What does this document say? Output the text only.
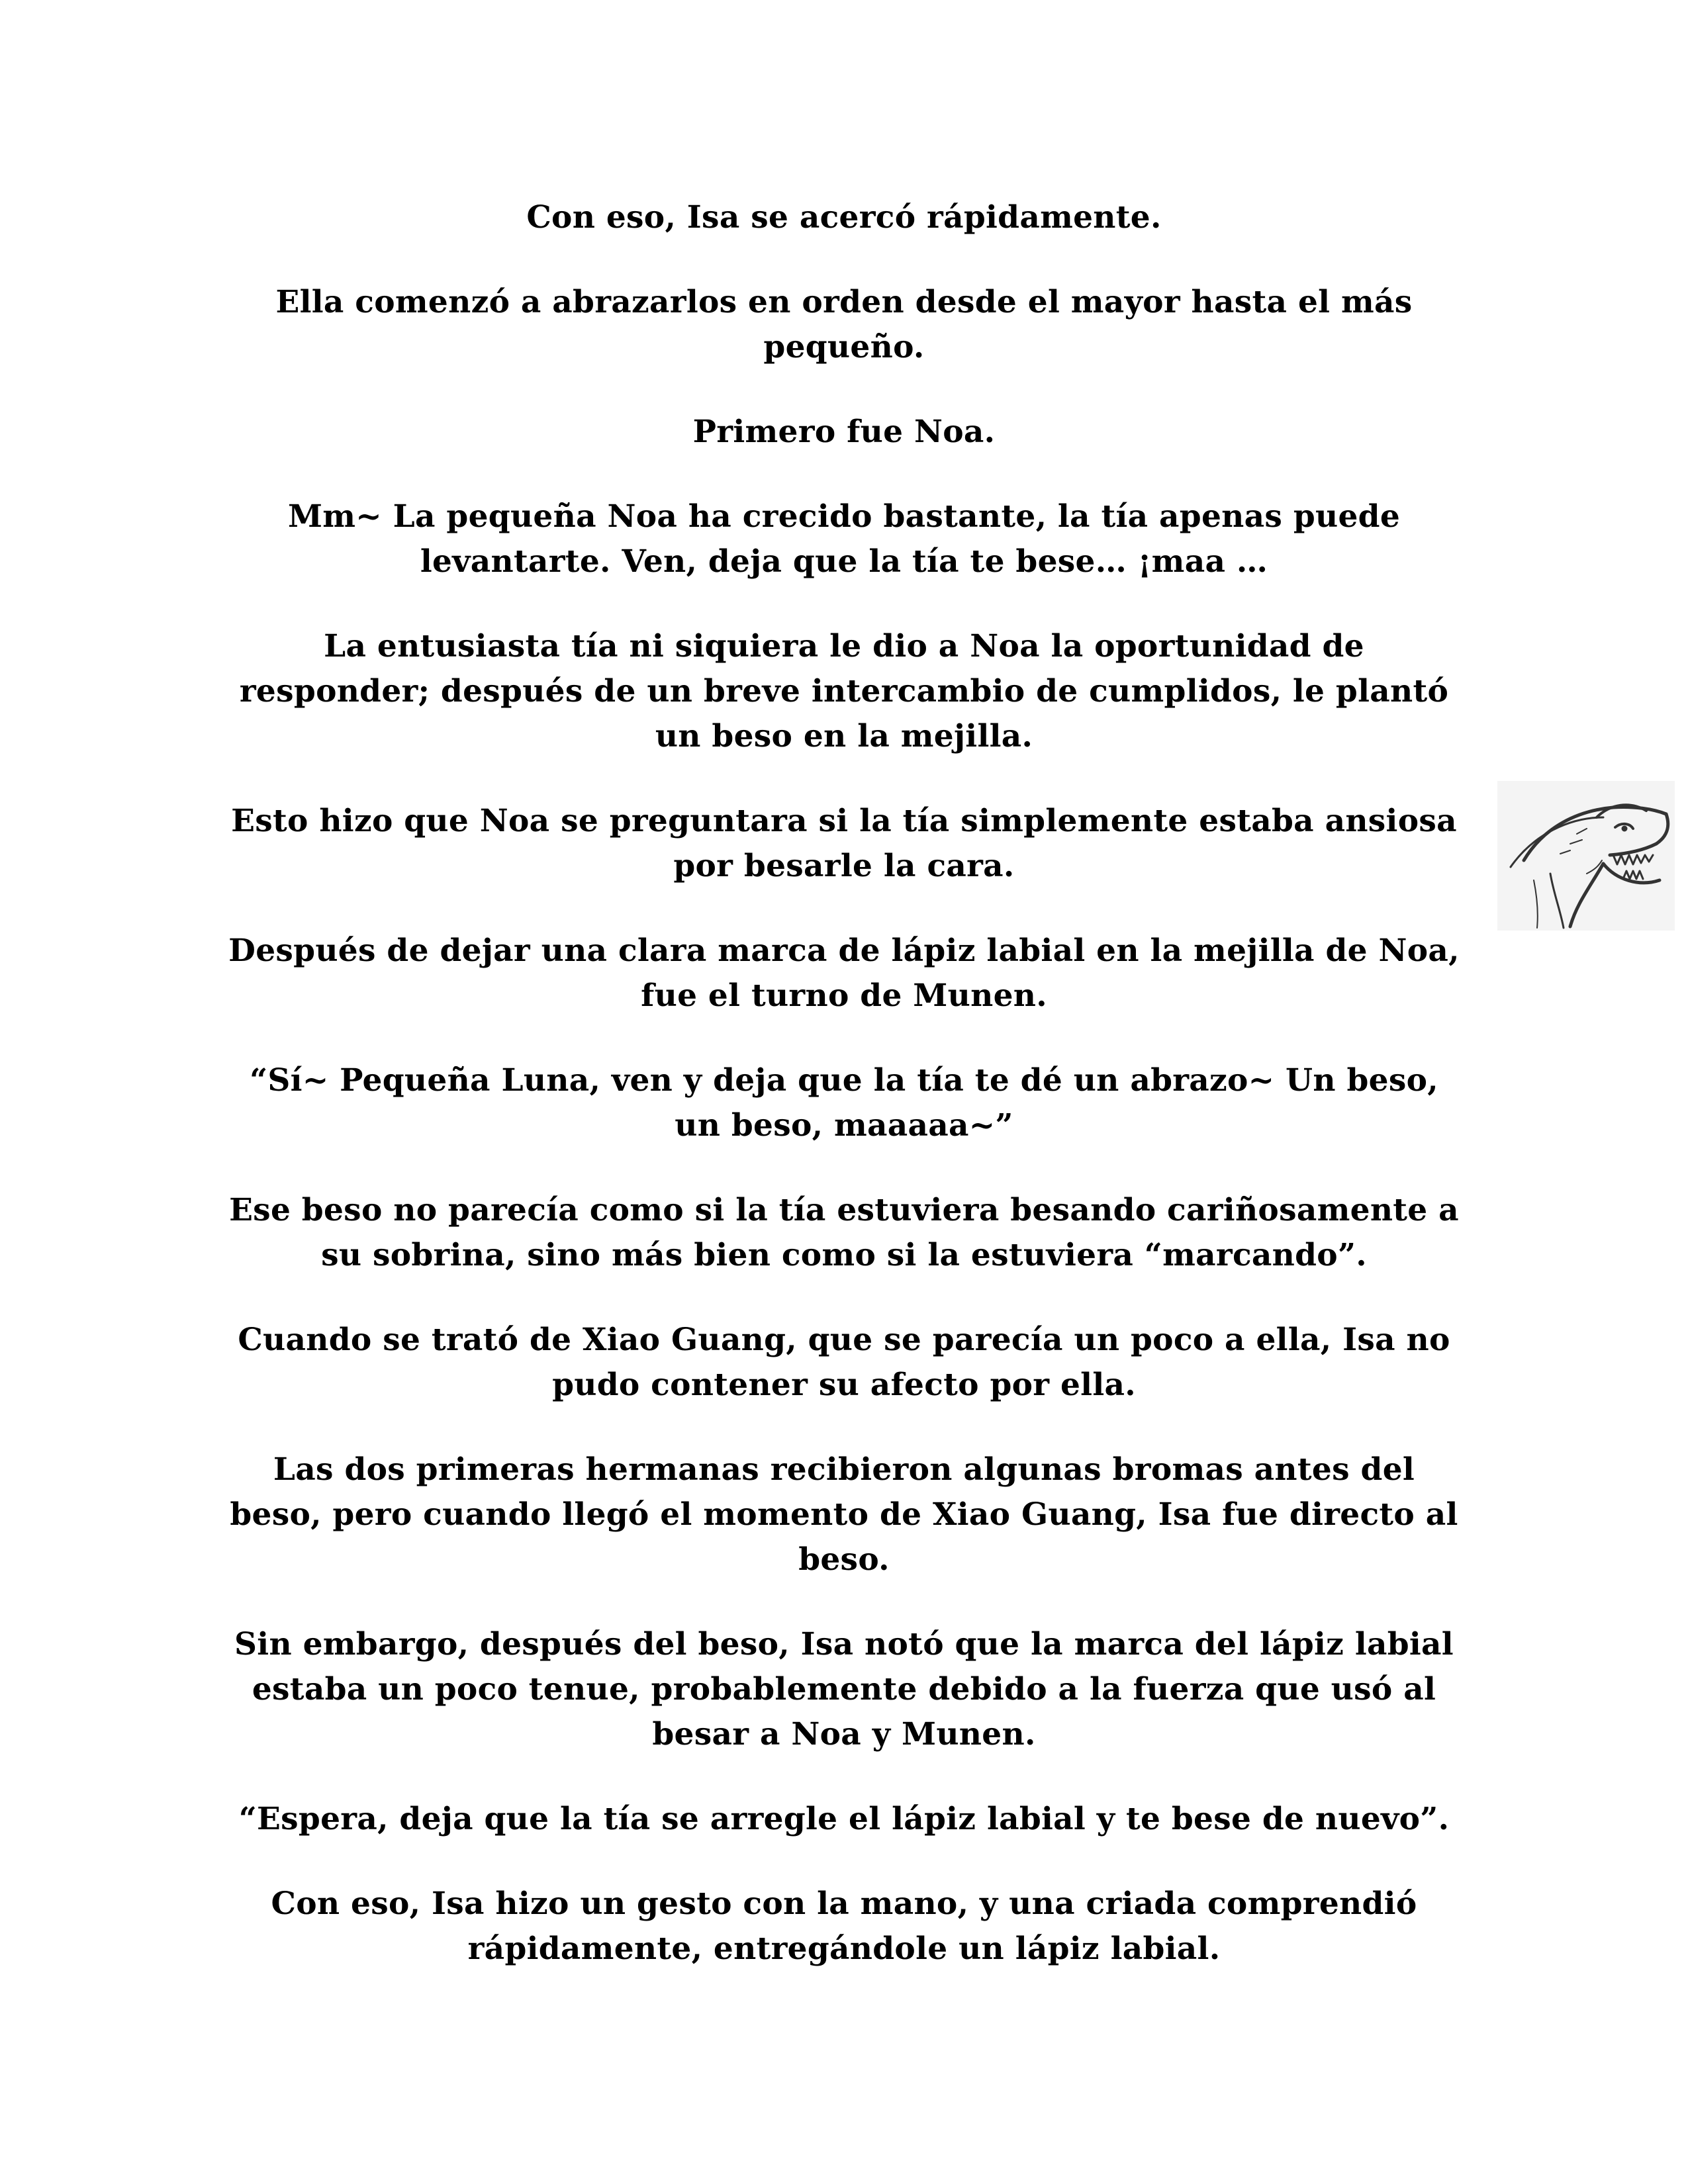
Con eso, Isa se acercó rápidamente.

Ella comenzó a abrazarlos en orden desde el mayor hasta el más pequeño.

Primero fue Noa.

Mm~ La pequeña Noa ha crecido bastante, la tía apenas puede levantarte. Ven, deja que la tía te bese… ¡maa …

La entusiasta tía ni siquiera le dio a Noa la oportunidad de responder; después de un breve intercambio de cumplidos, le plantó un beso en la mejilla.

Esto hizo que Noa se preguntara si la tía simplemente estaba ansiosa por besarle la cara.

Después de dejar una clara marca de lápiz labial en la mejilla de Noa, fue el turno de Munen.

“Sí~ Pequeña Luna, ven y deja que la tía te dé un abrazo~ Un beso, un beso, maaaaa~”

Ese beso no parecía como si la tía estuviera besando cariñosamente a su sobrina, sino más bien como si la estuviera “marcando”.

Cuando se trató de Xiao Guang, que se parecía un poco a ella, Isa no pudo contener su afecto por ella.

Las dos primeras hermanas recibieron algunas bromas antes del beso, pero cuando llegó el momento de Xiao Guang, Isa fue directo al beso.

Sin embargo, después del beso, Isa notó que la marca del lápiz labial estaba un poco tenue, probablemente debido a la fuerza que usó al besar a Noa y Munen.

“Espera, deja que la tía se arregle el lápiz labial y te bese de nuevo”.

Con eso, Isa hizo un gesto con la mano, y una criada comprendió rápidamente, entregándole un lápiz labial.
